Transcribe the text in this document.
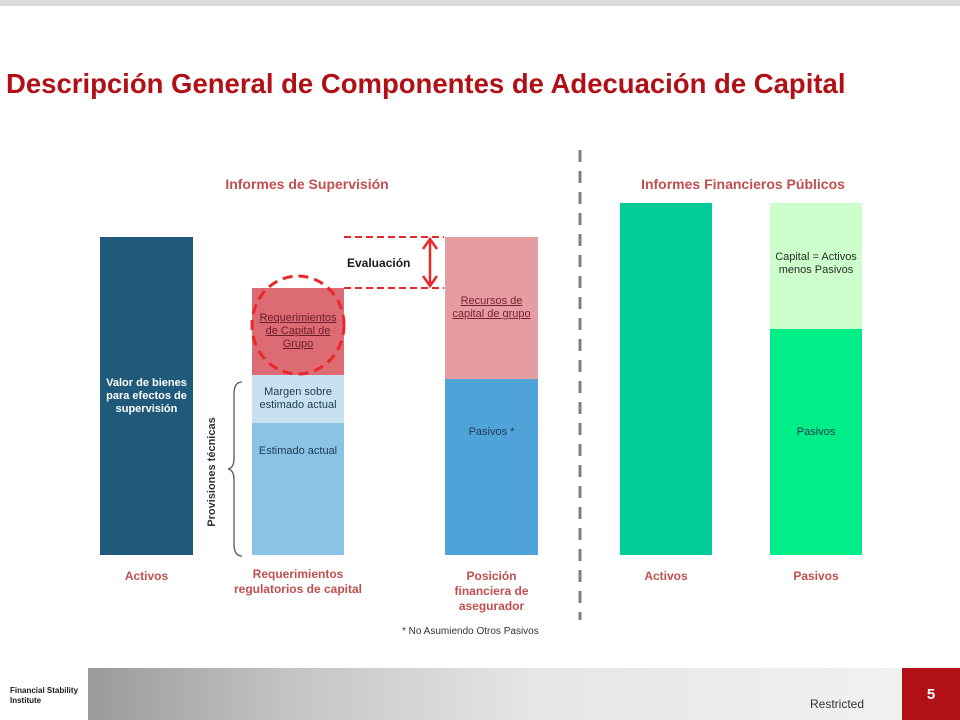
Descripción General de Componentes de Adecuación de Capital
Informes de Supervisión	Informes Financieros Públicos
Valor de bienes para efectos de supervisión
Requerimientos de Capital de Grupo
Margen sobre estimado actual
Estimado actual
Provisiones técnicas
Recursos de capital de grupo
Pasivos *
Evaluación	Capital = Activos menos Pasivos
Pasivos
Activos	Requerimientos regulatorios de capital
Posición financiera de asegurador
Activos	Pasivos
* No Asumiendo Otros Pasivos
Financial Stability
Institute	Restricted
5
